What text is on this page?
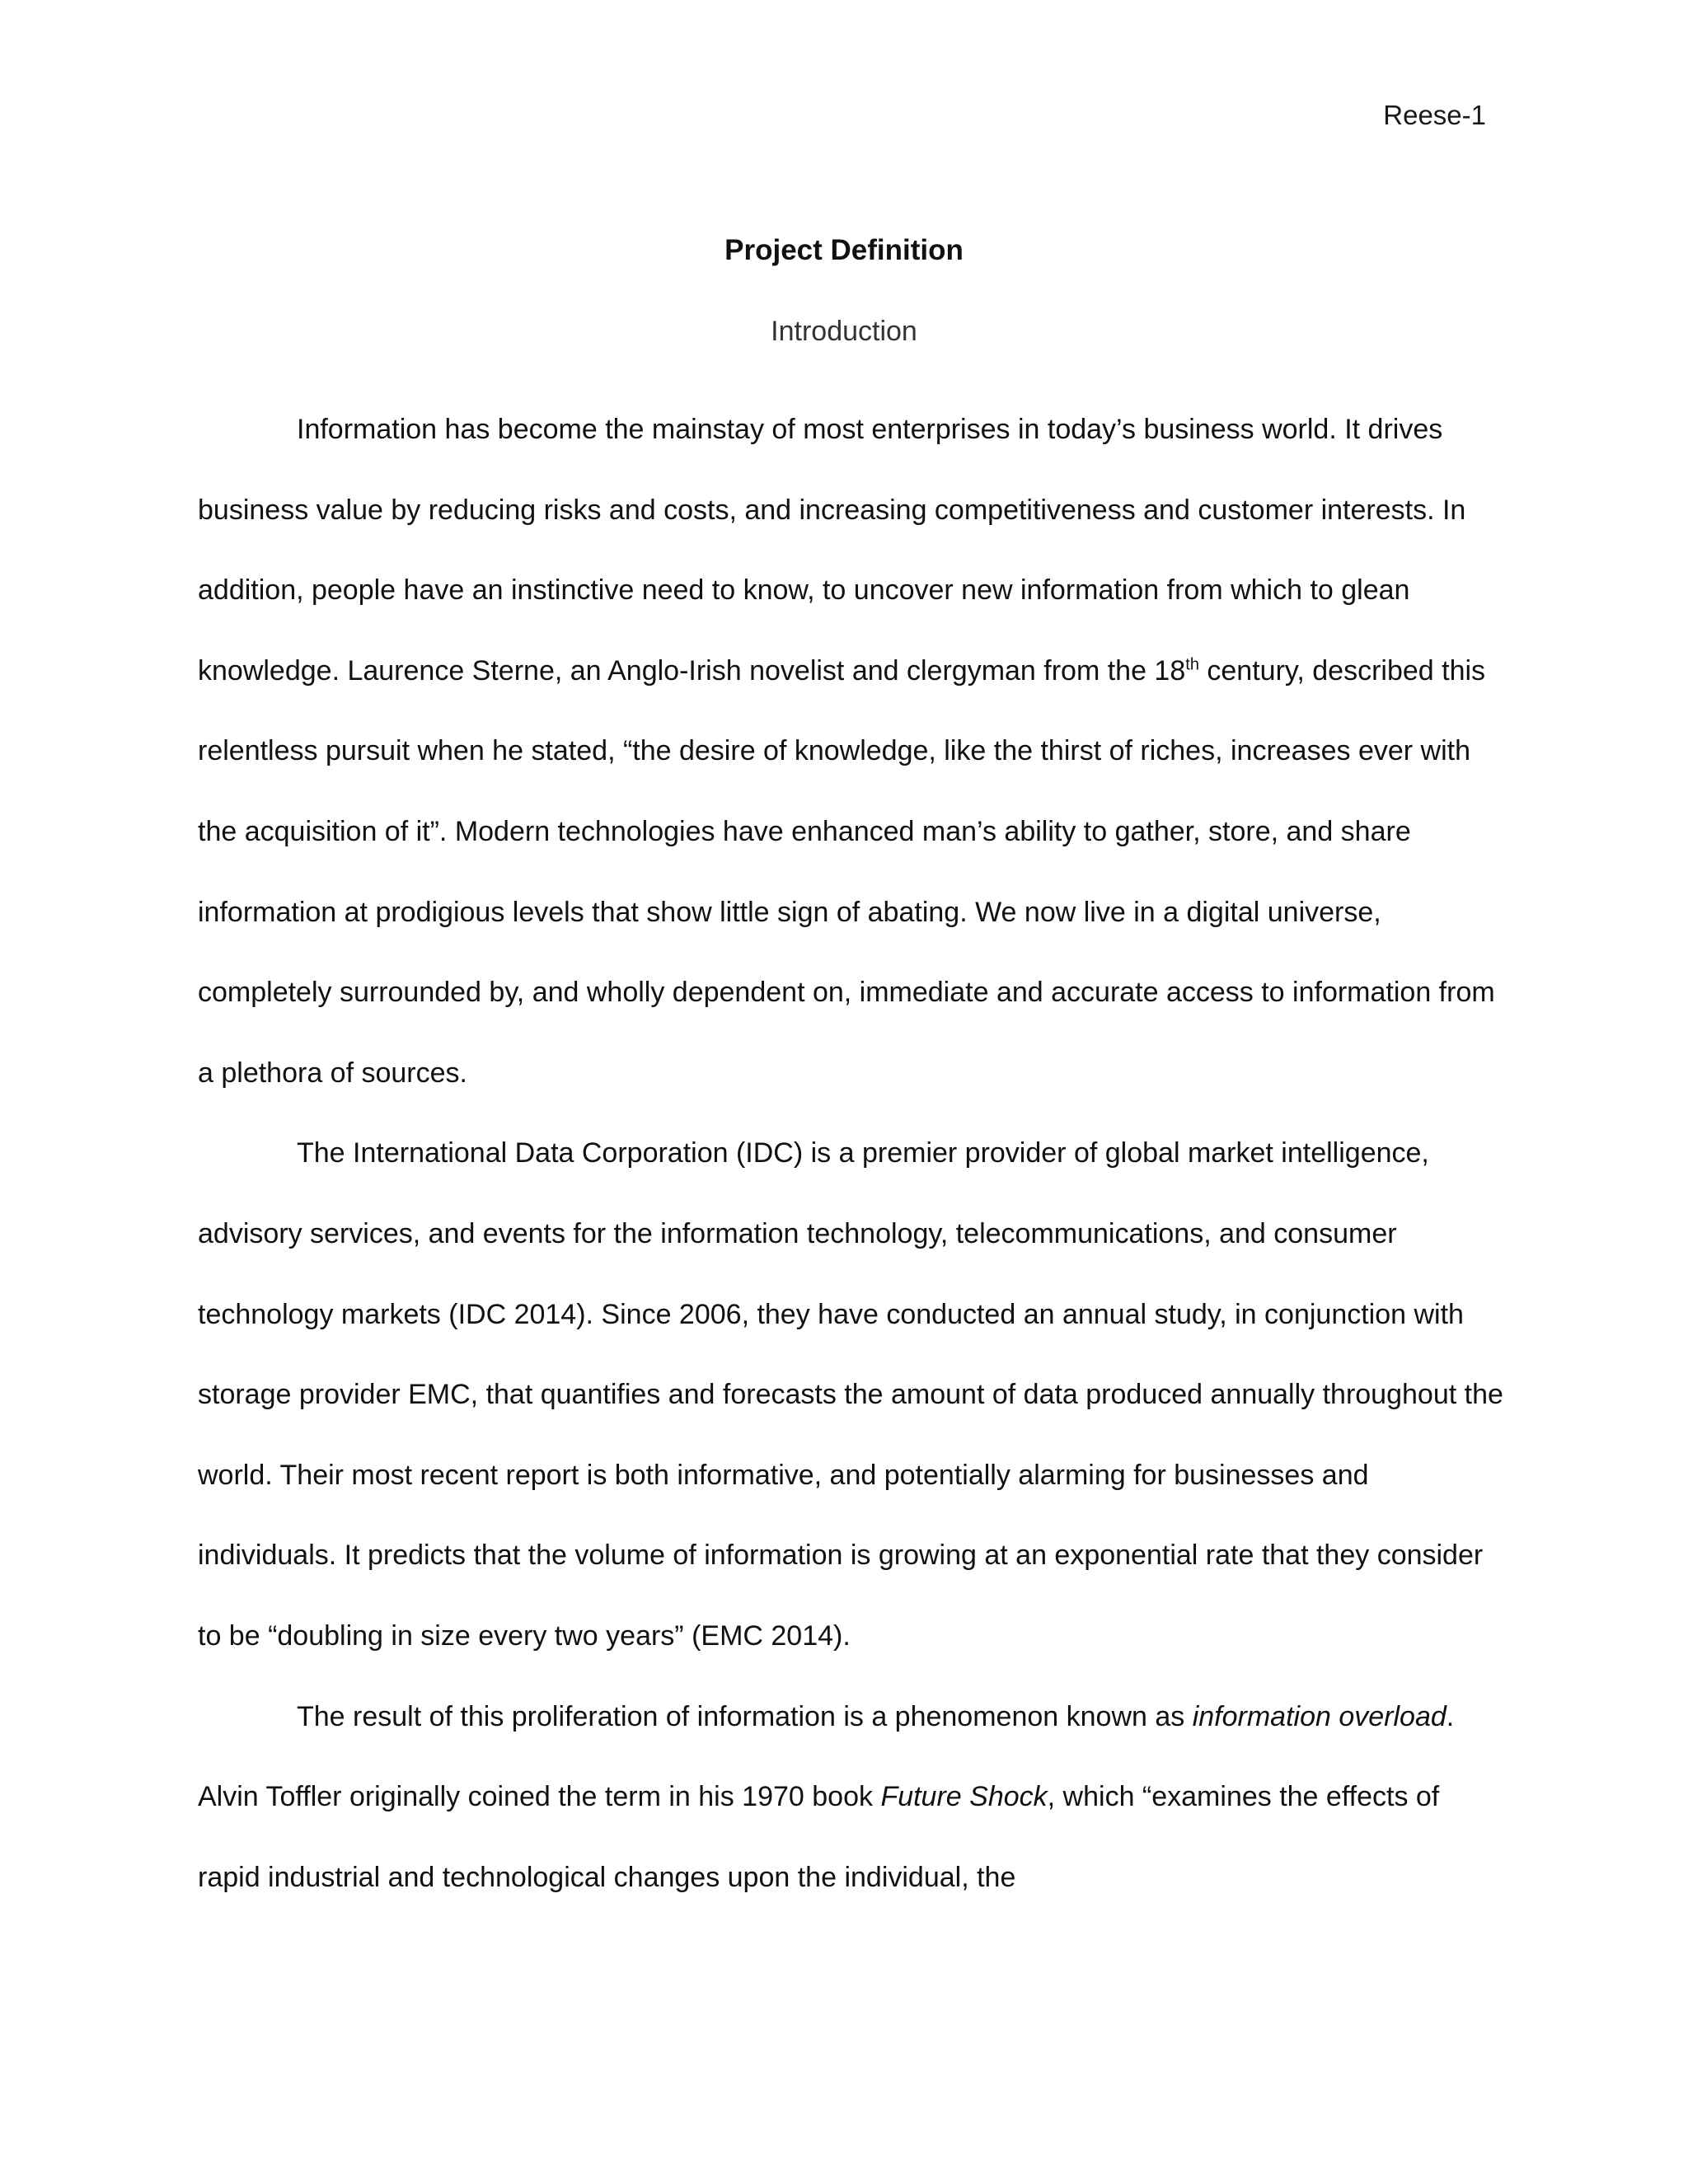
Reese-1
Project Definition
Introduction

Information has become the mainstay of most enterprises in today’s business world. It drives business value by reducing risks and costs, and increasing competitiveness and customer interests. In addition, people have an instinctive need to know, to uncover new information from which to glean knowledge. Laurence Sterne, an Anglo-Irish novelist and clergyman from the 18th century, described this relentless pursuit when he stated, “the desire of knowledge, like the thirst of riches, increases ever with the acquisition of it”. Modern technologies have enhanced man’s ability to gather, store, and share information at prodigious levels that show little sign of abating. We now live in a digital universe, completely surrounded by, and wholly dependent on, immediate and accurate access to information from a plethora of sources.

The International Data Corporation (IDC) is a premier provider of global market intelligence, advisory services, and events for the information technology, telecommunications, and consumer technology markets (IDC 2014). Since 2006, they have conducted an annual study, in conjunction with storage provider EMC, that quantifies and forecasts the amount of data produced annually throughout the world. Their most recent report is both informative, and potentially alarming for businesses and individuals. It predicts that the volume of information is growing at an exponential rate that they consider to be “doubling in size every two years” (EMC 2014).

The result of this proliferation of information is a phenomenon known as information overload. Alvin Toffler originally coined the term in his 1970 book Future Shock, which “examines the effects of rapid industrial and technological changes upon the individual, the
